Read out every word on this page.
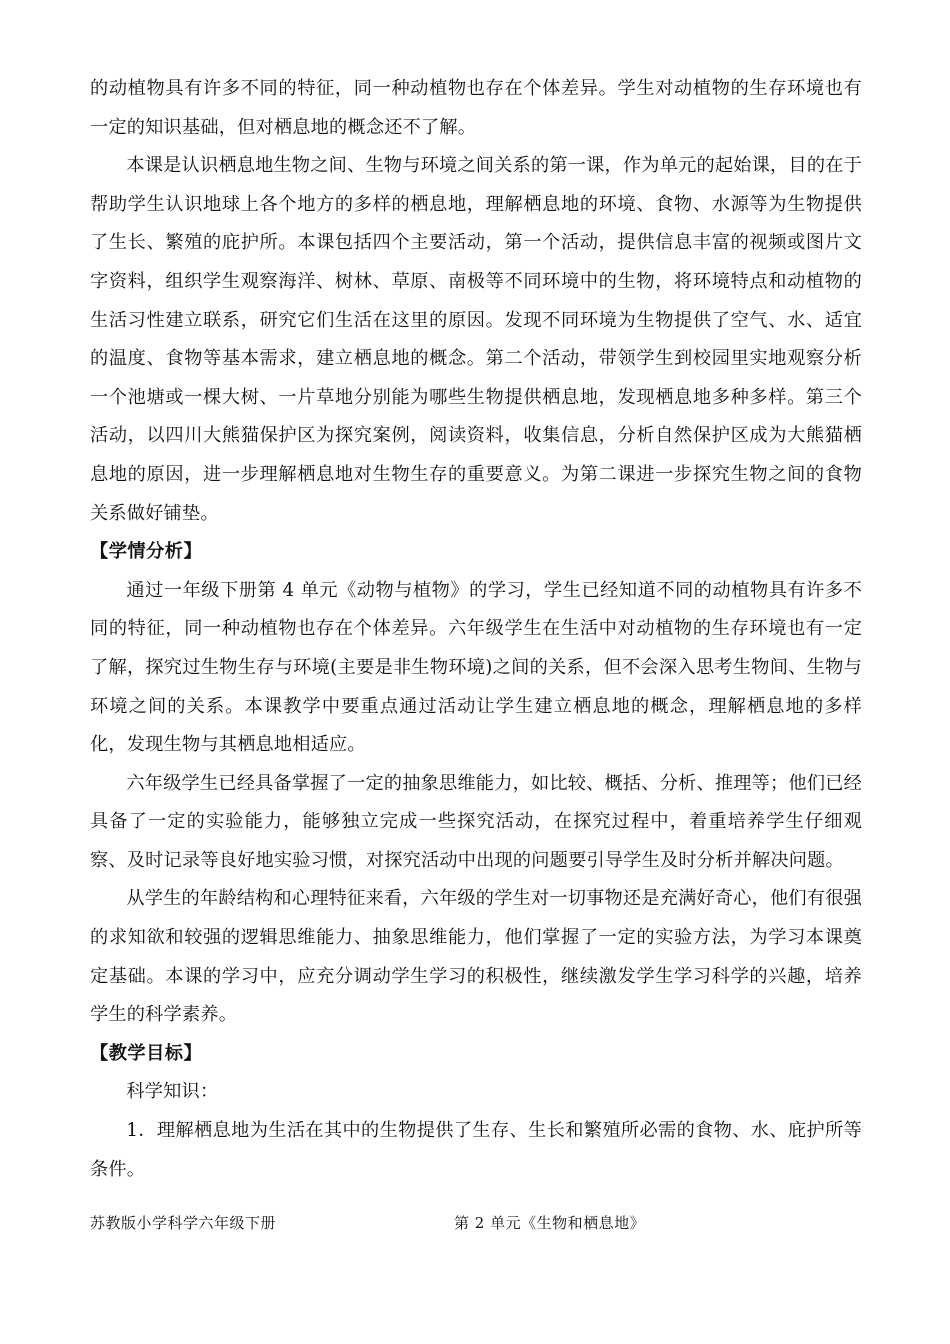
的动植物具有许多不同的特征，同一种动植物也存在个体差异。学生对动植物的生存环境也有一定的知识基础，但对栖息地的概念还不了解。

本课是认识栖息地生物之间、生物与环境之间关系的第一课，作为单元的起始课，目的在于帮助学生认识地球上各个地方的多样的栖息地，理解栖息地的环境、食物、水源等为生物提供了生长、繁殖的庇护所。本课包括四个主要活动，第一个活动，提供信息丰富的视频或图片文字资料，组织学生观察海洋、树林、草原、南极等不同环境中的生物，将环境特点和动植物的生活习性建立联系，研究它们生活在这里的原因。发现不同环境为生物提供了空气、水、适宜的温度、食物等基本需求，建立栖息地的概念。第二个活动，带领学生到校园里实地观察分析一个池塘或一棵大树、一片草地分别能为哪些生物提供栖息地，发现栖息地多种多样。第三个活动，以四川大熊猫保护区为探究案例，阅读资料，收集信息，分析自然保护区成为大熊猫栖息地的原因，进一步理解栖息地对生物生存的重要意义。为第二课进一步探究生物之间的食物关系做好铺垫。

【学情分析】

通过一年级下册第 4 单元《动物与植物》的学习，学生已经知道不同的动植物具有许多不同的特征，同一种动植物也存在个体差异。六年级学生在生活中对动植物的生存环境也有一定了解，探究过生物生存与环境(主要是非生物环境)之间的关系，但不会深入思考生物间、生物与环境之间的关系。本课教学中要重点通过活动让学生建立栖息地的概念，理解栖息地的多样化，发现生物与其栖息地相适应。

六年级学生已经具备掌握了一定的抽象思维能力，如比较、概括、分析、推理等；他们已经具备了一定的实验能力，能够独立完成一些探究活动，在探究过程中，着重培养学生仔细观察、及时记录等良好地实验习惯，对探究活动中出现的问题要引导学生及时分析并解决问题。

从学生的年龄结构和心理特征来看，六年级的学生对一切事物还是充满好奇心，他们有很强的求知欲和较强的逻辑思维能力、抽象思维能力，他们掌握了一定的实验方法，为学习本课奠定基础。本课的学习中，应充分调动学生学习的积极性，继续激发学生学习科学的兴趣，培养学生的科学素养。

【教学目标】

科学知识：

1．理解栖息地为生活在其中的生物提供了生存、生长和繁殖所必需的食物、水、庇护所等条件。

苏教版小学科学六年级下册	第 2 单元《生物和栖息地》
